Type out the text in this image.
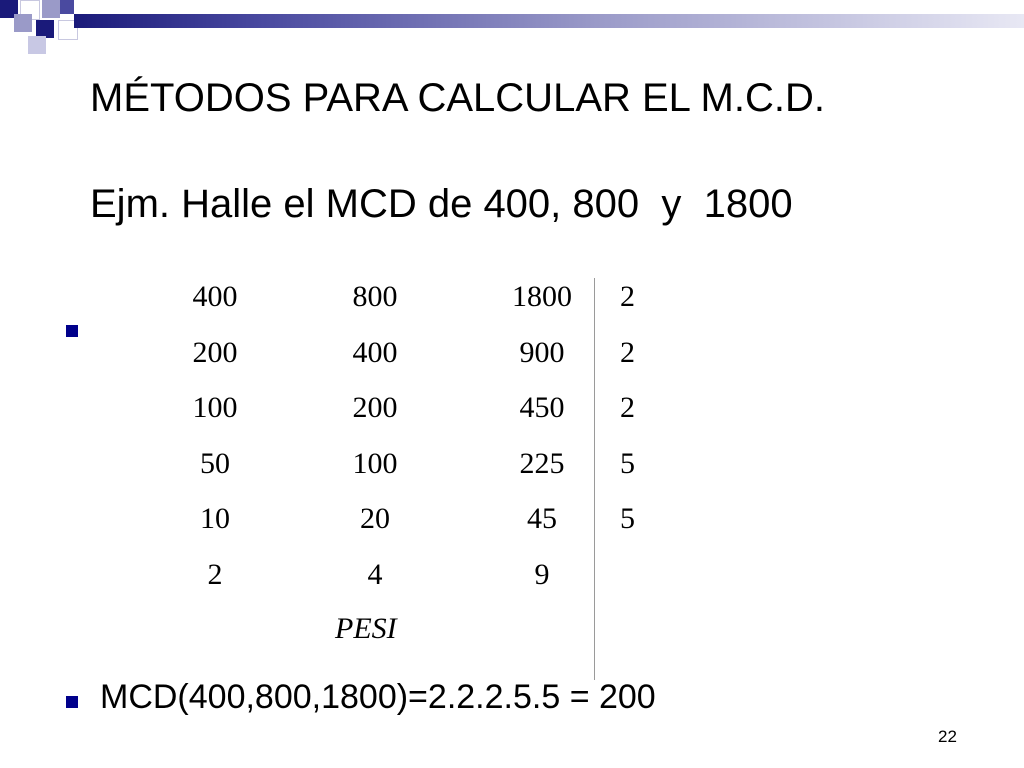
MÉTODOS PARA CALCULAR EL M.C.D.
Ejm. Halle el MCD de 400, 800  y  1800
400	800	1800	2
200	400	900	2
100	200	450	2
50	100	225	5
10	20	45	5
2	4	9
PESI
MCD(400,800,1800)=2.2.2.5.5 = 200
22
